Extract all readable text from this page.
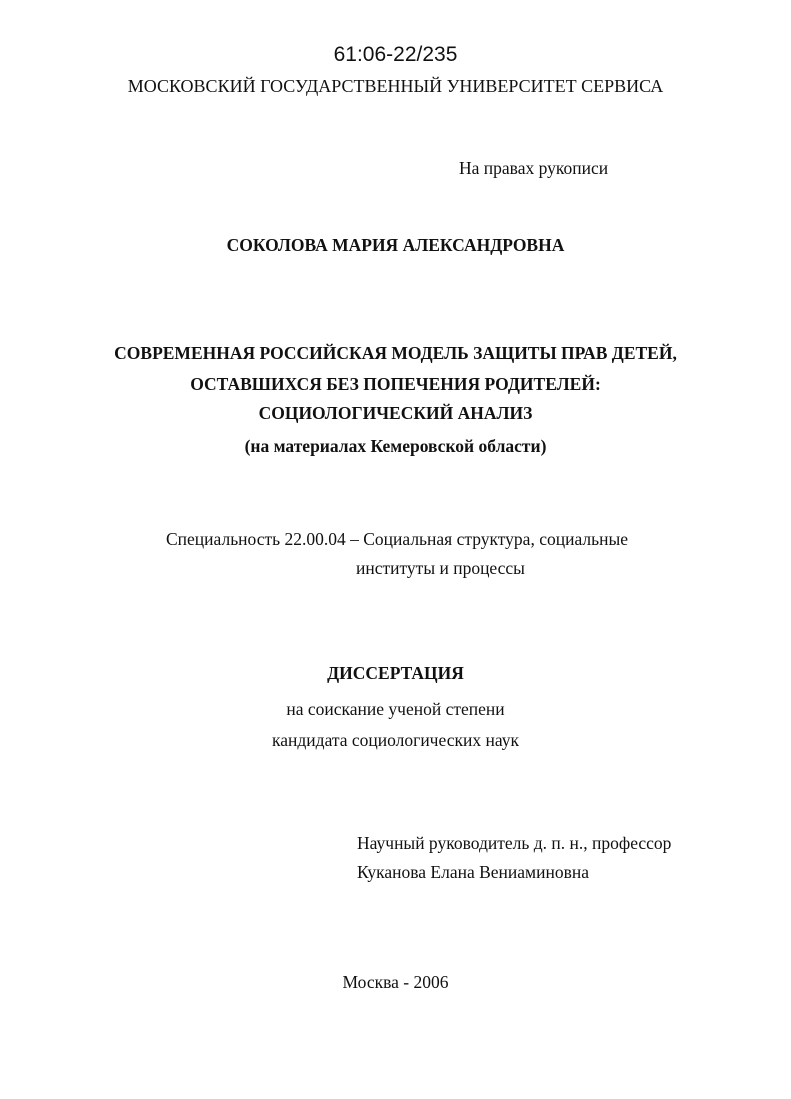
61:06-22/235
МОСКОВСКИЙ ГОСУДАРСТВЕННЫЙ УНИВЕРСИТЕТ СЕРВИСА
На правах рукописи
СОКОЛОВА МАРИЯ АЛЕКСАНДРОВНА
СОВРЕМЕННАЯ РОССИЙСКАЯ МОДЕЛЬ ЗАЩИТЫ ПРАВ ДЕТЕЙ,
ОСТАВШИХСЯ БЕЗ ПОПЕЧЕНИЯ РОДИТЕЛЕЙ:
СОЦИОЛОГИЧЕСКИЙ АНАЛИЗ
(на материалах Кемеровской области)
Специальность 22.00.04 – Социальная структура, социальные
институты и процессы
ДИССЕРТАЦИЯ
на соискание ученой степени
кандидата социологических наук
Научный руководитель д. п. н., профессор
Куканова Елана Вениаминовна
Москва - 2006
